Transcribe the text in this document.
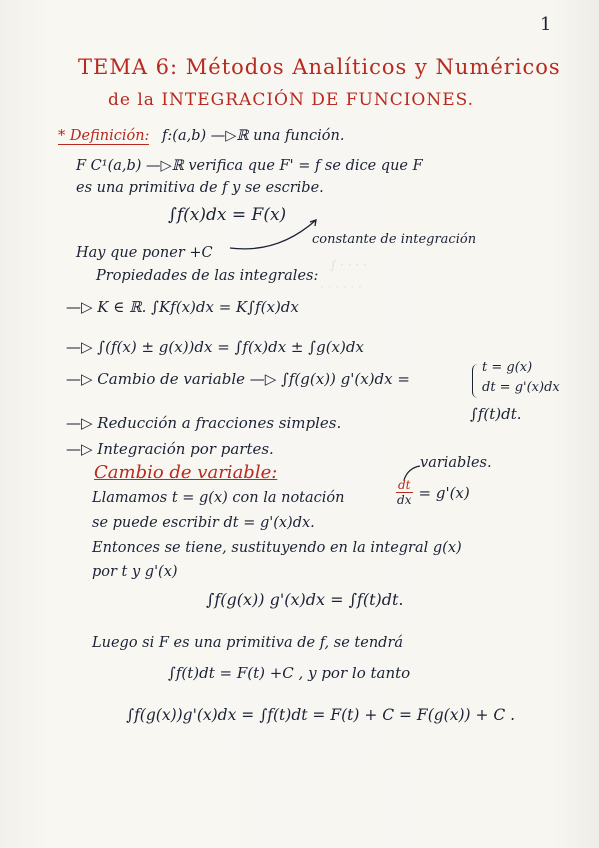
∫ · · · ·
· · · · · ·
1
TEMA 6: Métodos Analíticos y Numéricos
de la INTEGRACIÓN DE FUNCIONES.
* Definición: f:(a,b) —▷ℝ una función.
F C¹(a,b) —▷ℝ verifica que F' = f se dice que F
es una primitiva de f y se escribe.
∫f(x)dx = F(x)
Hay que poner +C
constante de integración
Propiedades de las integrales:
—▷ K ∈ ℝ. ∫Kf(x)dx = K∫f(x)dx
—▷ ∫(f(x) ± g(x))dx = ∫f(x)dx ± ∫g(x)dx
—▷ Cambio de variable —▷ ∫f(g(x)) g'(x)dx =
t = g(x)
dt = g'(x)dx
—▷ Reducción a fracciones simples.	∫f(t)dt.
—▷ Integración por partes.
Cambio de variable:	variables.
Llamamos t = g(x) con la notación	$\frac{dt}{dx} = g'(x)$
se puede escribir dt = g'(x)dx.
Entonces se tiene, sustituyendo en la integral g(x)
por t y g'(x)
∫f(g(x)) g'(x)dx = ∫f(t)dt.
Luego si F es una primitiva de f, se tendrá
∫f(t)dt = F(t) +C , y por lo tanto
∫f(g(x))g'(x)dx = ∫f(t)dt = F(t) + C = F(g(x)) + C .
